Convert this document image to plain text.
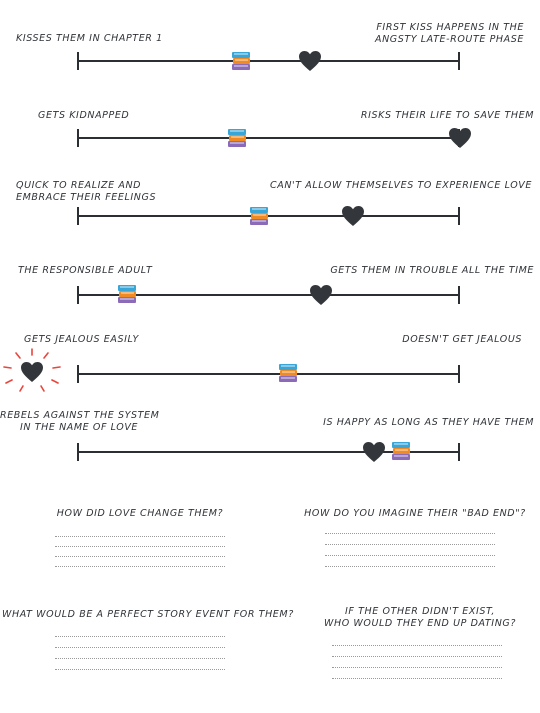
KISSES THEM IN CHAPTER 1
FIRST KISS HAPPENS IN THE
ANGSTY LATE-ROUTE PHASE
GETS KIDNAPPED	RISKS THEIR LIFE TO SAVE THEM
QUICK TO REALIZE AND
EMBRACE THEIR FEELINGS
CAN'T ALLOW THEMSELVES TO EXPERIENCE LOVE
THE RESPONSIBLE ADULT	GETS THEM IN TROUBLE ALL THE TIME
GETS JEALOUS EASILY	DOESN'T GET JEALOUS
REBELS AGAINST THE SYSTEM
IN THE NAME OF LOVE	IS HAPPY AS LONG AS THEY HAVE THEM
HOW DID LOVE CHANGE THEM?	HOW DO YOU IMAGINE THEIR "BAD END"?
WHAT WOULD BE A PERFECT STORY EVENT FOR THEM?	IF THE OTHER DIDN'T EXIST,
WHO WOULD THEY END UP DATING?
